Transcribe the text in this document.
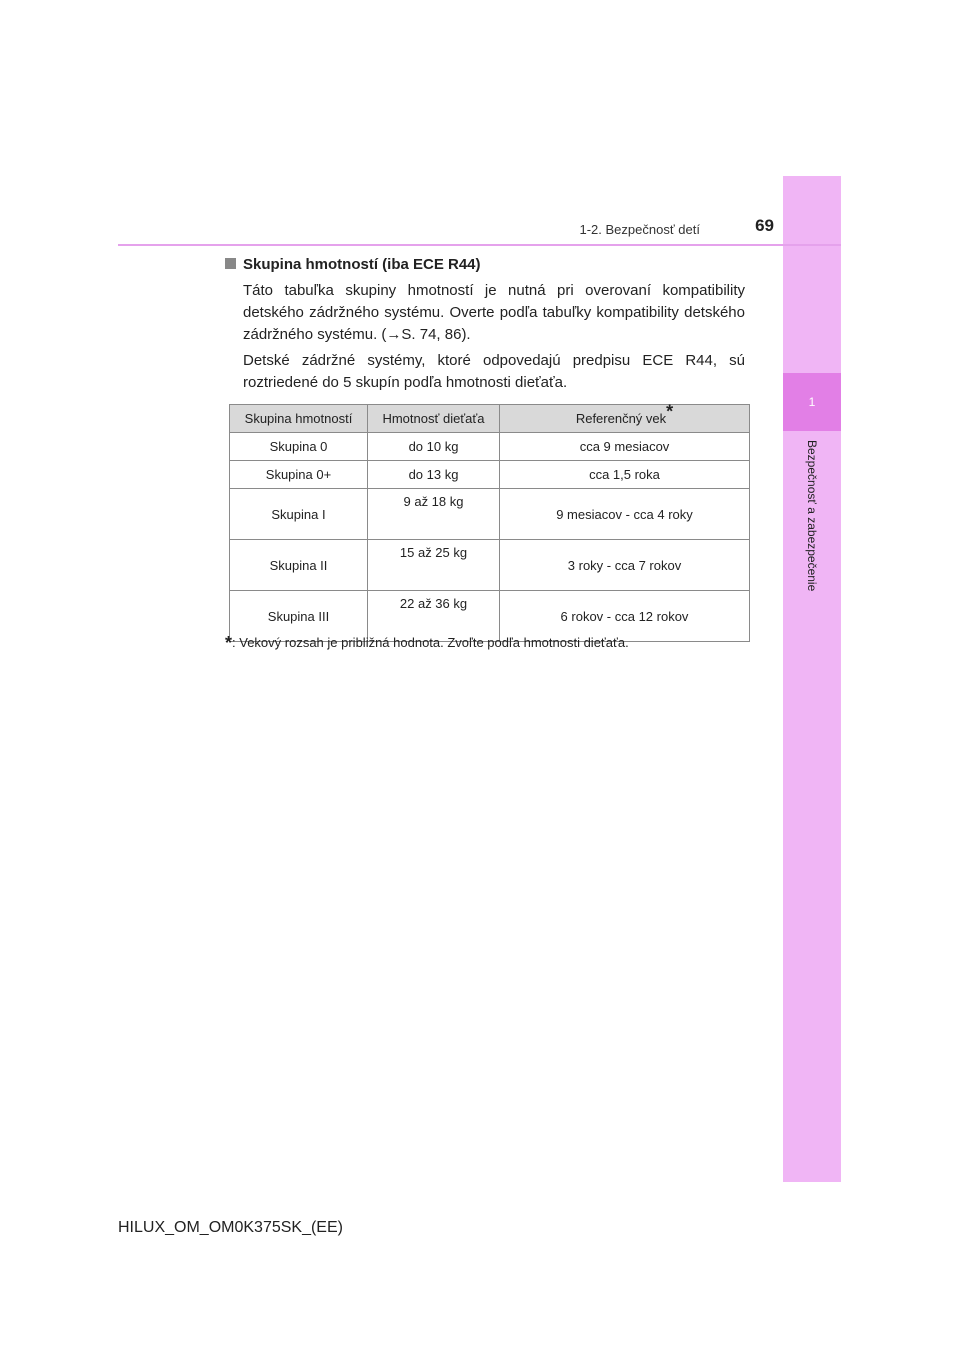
1
Bezpečnosť a zabezpečenie
1-2. Bezpečnosť detí	69
Skupina hmotností (iba ECE R44)
Táto tabuľka skupiny hmotností je nutná pri overovaní kompatibility detského zádržného systému. Overte podľa tabuľky kompatibility detského zádržného systému. (→S. 74, 86).
Detské zádržné systémy, ktoré odpovedajú predpisu ECE R44, sú roztriedené do 5 skupín podľa hmotnosti dieťaťa.
Skupina hmotností	Hmotnosť dieťaťa	Referenčný vek*
Skupina 0	do 10 kg	cca 9 mesiacov
Skupina 0+	do 13 kg	cca 1,5 roka
Skupina I	9 až 18 kg	9 mesiacov - cca 4 roky
Skupina II	15 až 25 kg	3 roky - cca 7 rokov
Skupina III	22 až 36 kg	6 rokov - cca 12 rokov
*: Vekový rozsah je približná hodnota. Zvoľte podľa hmotnosti dieťaťa.
HILUX_OM_OM0K375SK_(EE)
